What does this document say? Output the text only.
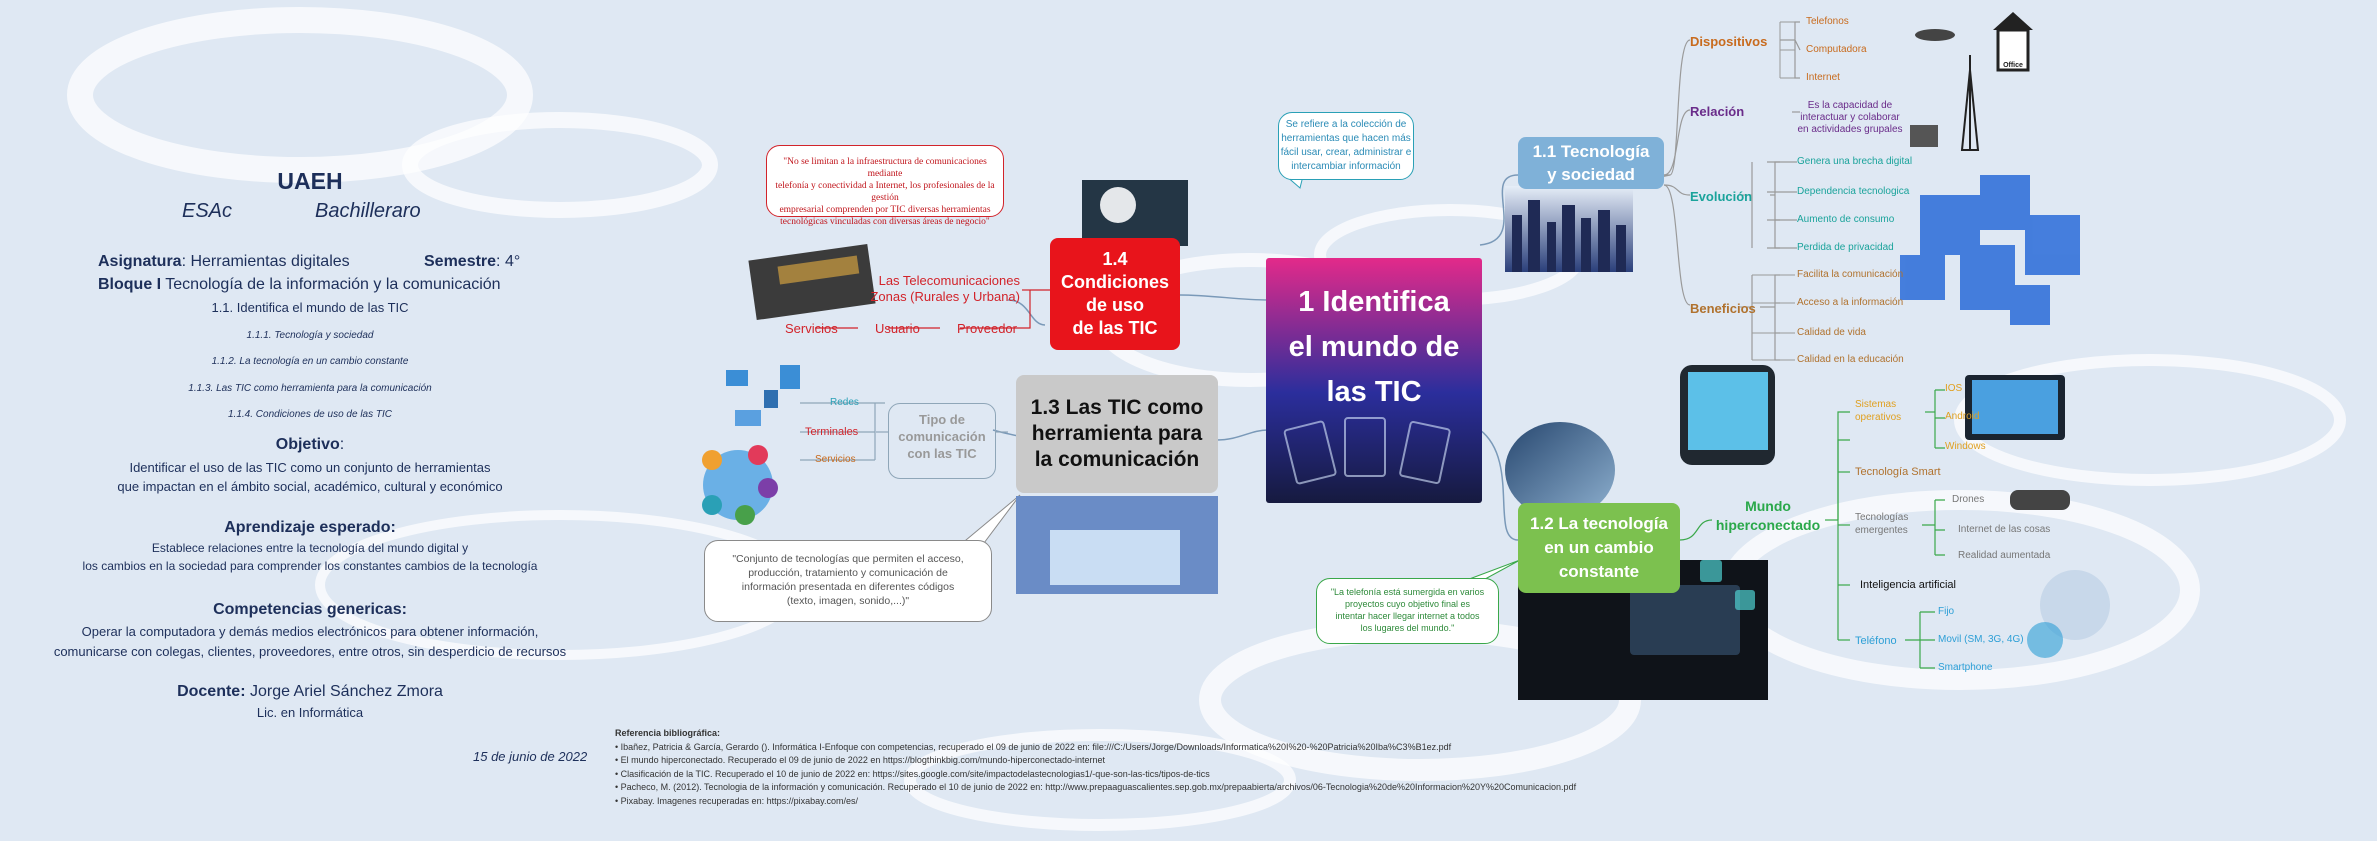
UAEH
ESAc	Bachilleraro
Asignatura: Herramientas digitales	Semestre: 4°
Bloque I Tecnología de la información y la comunicación
1.1. Identifica el mundo de las TIC
1.1.1. Tecnología y sociedad
1.1.2. La tecnología en un cambio constante
1.1.3. Las TIC como herramienta para la comunicación
1.1.4. Condiciones de uso de las TIC
Objetivo:
Identificar el uso de las TIC como un conjunto de herramientas
que impactan en el ámbito social, académico, cultural y económico
Aprendizaje esperado:
Establece relaciones entre la tecnología del mundo digital y
los cambios en la sociedad para comprender los constantes cambios de la tecnología
Competencias genericas:
Operar la computadora y demás medios electrónicos para obtener información,
comunicarse con colegas, clientes, proveedores, entre otros, sin desperdicio de recursos
Docente: Jorge Ariel Sánchez Zmora
Lic. en Informática
15 de junio de 2022
Referencia bibliográfica:
• Ibañez, Patricia & García, Gerardo (). Informática I-Enfoque con competencias, recuperado el 09 de junio de 2022 en: file:///C:/Users/Jorge/Downloads/Informatica%20I%20-%20Patricia%20Iba%C3%B1ez.pdf
• El mundo hiperconectado. Recuperado el 09 de junio de 2022 en https://blogthinkbig.com/mundo-hiperconectado-internet
• Clasificación de la TIC. Recuperado el 10 de junio de 2022 en: https://sites.google.com/site/impactodelastecnologias1/-que-son-las-tics/tipos-de-tics
• Pacheco, M. (2012). Tecnologia de la información y comunicación. Recuperado el 10 de junio de 2022 en: http://www.prepaaguascalientes.sep.gob.mx/prepaabierta/archivos/06-Tecnologia%20de%20Informacion%20Y%20Comunicacion.pdf
• Pixabay. Imagenes recuperadas en: https://pixabay.com/es/
1 Identifica
el mundo de
las TIC
1.1 Tecnología
y sociedad
Se refiere a la colección de
herramientas que hacen más
fácil usar, crear, administrar e
intercambiar información
Dispositivos
Telefonos
Computadora
Internet
Office
Relación	Es la capacidad de
interactuar y colaborar
en actividades grupales
Evolución
Genera una brecha digital
Dependencia tecnologica
Aumento de consumo
Perdida de privacidad
Beneficios
Facilita la comunicación
Acceso a la información
Calidad de vida
Calidad en la educación
1.2 La tecnología
en un cambio
constante
Mundo
hiperconectado
Sistemas
operativos
IOS
Android
Windows
Tecnología Smart
Tecnologías
emergentes
Drones
Internet de las cosas
Realidad aumentada
Inteligencia artificial
Teléfono
Fijo
Movil (SM, 3G, 4G)
Smartphone
"La telefonía está sumergida en varios
proyectos cuyo objetivo final es
intentar hacer llegar internet a todos
los lugares del mundo."
1.3 Las TIC como
herramienta para
la comunicación
Tipo de
comunicación
con las TIC
Redes
Terminales
Servicios
"Conjunto de tecnologías que permiten el acceso,
producción, tratamiento y comunicación de
información presentada en diferentes códigos
(texto, imagen, sonido,...)"
1.4 Condiciones
de uso
de las TIC
Las Telecomunicaciones
Zonas (Rurales y Urbana)
Servicios	Usuario	Proveedor
"No se limitan a la infraestructura de comunicaciones mediante
telefonía y conectividad a Internet, los profesionales de la gestión
empresarial comprenden por TIC diversas herramientas
tecnológicas vinculadas con diversas áreas de negocio"
